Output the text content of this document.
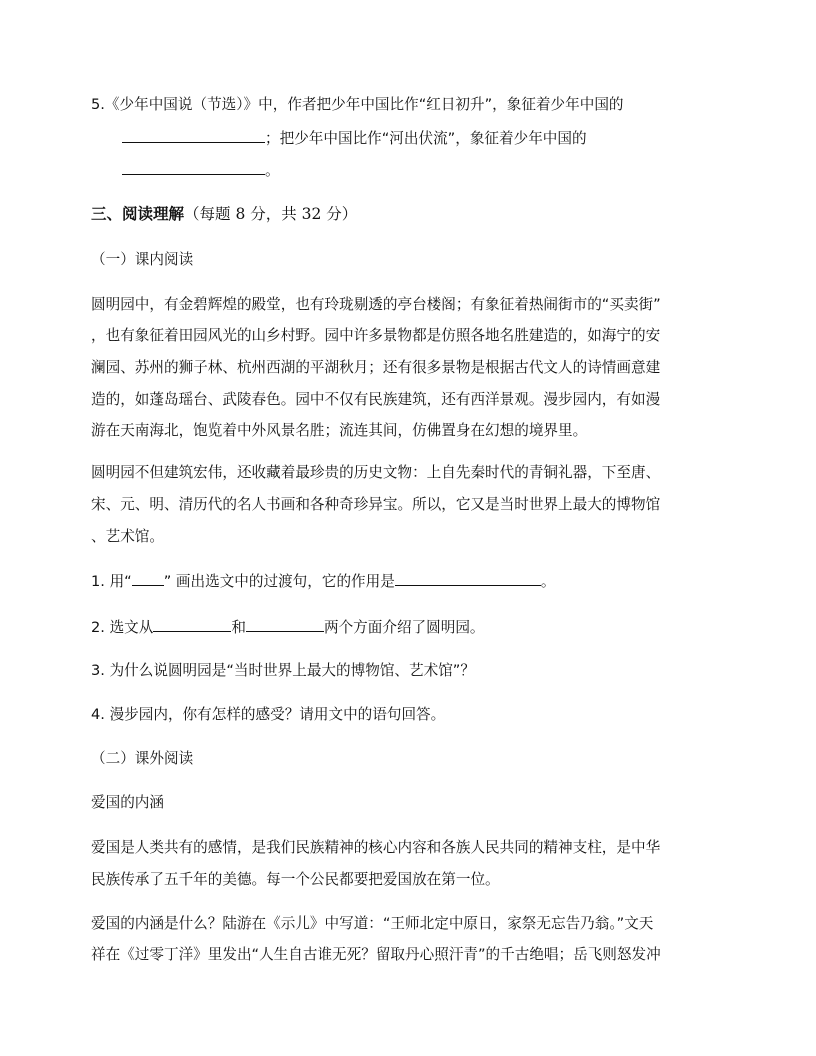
5.《少年中国说（节选）》中，作者把少年中国比作“红日初升”，象征着少年中国的
；把少年中国比作“河出伏流”，象征着少年中国的
。
三、阅读理解（每题 8 分，共 32 分）
（一）课内阅读
圆明园中，有金碧辉煌的殿堂，也有玲珑剔透的亭台楼阁；有象征着热闹街市的“买卖街”
，也有象征着田园风光的山乡村野。园中许多景物都是仿照各地名胜建造的，如海宁的安
澜园、苏州的狮子林、杭州西湖的平湖秋月；还有很多景物是根据古代文人的诗情画意建
造的，如蓬岛瑶台、武陵春色。园中不仅有民族建筑，还有西洋景观。漫步园内，有如漫
游在天南海北，饱览着中外风景名胜；流连其间，仿佛置身在幻想的境界里。
圆明园不但建筑宏伟，还收藏着最珍贵的历史文物：上自先秦时代的青铜礼器，下至唐、
宋、元、明、清历代的名人书画和各种奇珍异宝。所以，它又是当时世界上最大的博物馆
、艺术馆。
1. 用“ ” 画出选文中的过渡句，它的作用是	。
2. 选文从	和	两个方面介绍了圆明园。
3. 为什么说圆明园是“当时世界上最大的博物馆、艺术馆”？
4. 漫步园内，你有怎样的感受？请用文中的语句回答。
（二）课外阅读
爱国的内涵
爱国是人类共有的感情，是我们民族精神的核心内容和各族人民共同的精神支柱，是中华
民族传承了五千年的美德。每一个公民都要把爱国放在第一位。
爱国的内涵是什么？陆游在《示儿》中写道：“王师北定中原日，家祭无忘告乃翁。”文天
祥在《过零丁洋》里发出“人生自古谁无死？留取丹心照汗青”的千古绝唱；岳飞则怒发冲
